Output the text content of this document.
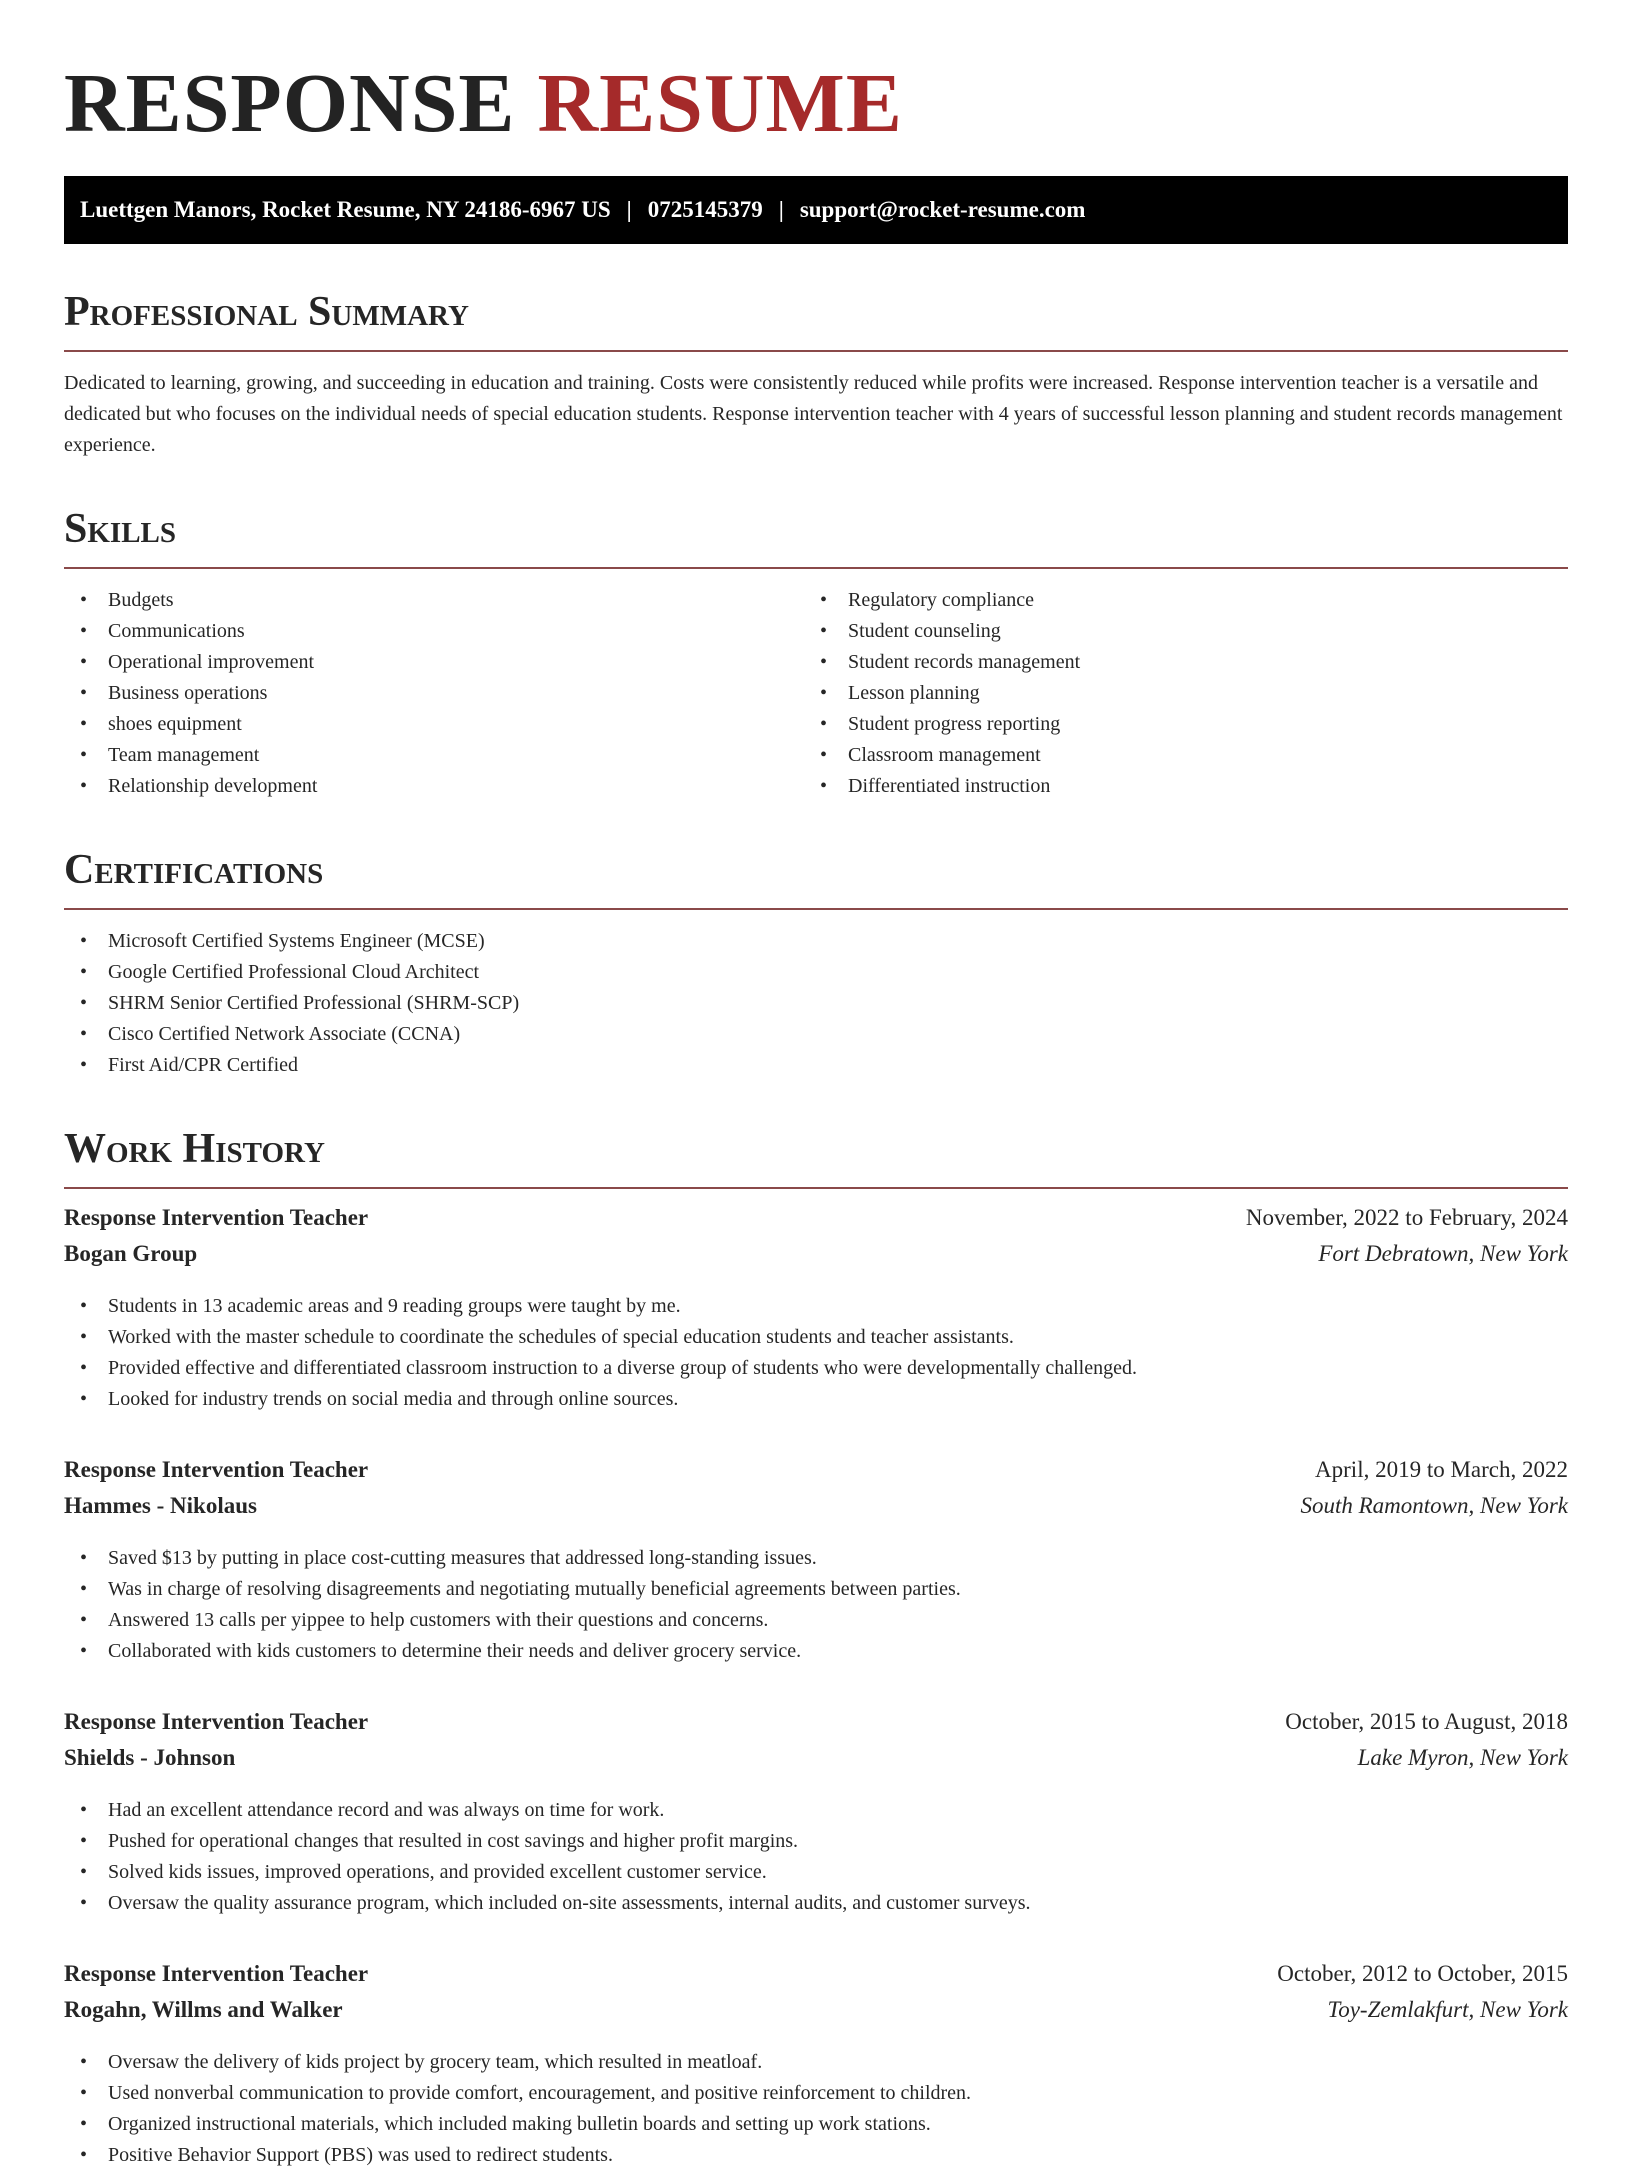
RESPONSE RESUME
Luettgen Manors, Rocket Resume, NY 24186-6967 US | 0725145379 | support@rocket-resume.com
Professional Summary

Dedicated to learning, growing, and succeeding in education and training. Costs were consistently reduced while profits were increased. Response intervention teacher is a versatile and dedicated but who focuses on the individual needs of special education students. Response intervention teacher with 4 years of successful lesson planning and student records management experience.

Skills
• Budgets
• Communications
• Operational improvement
• Business operations
• shoes equipment
• Team management
• Relationship development
• Regulatory compliance
• Student counseling
• Student records management
• Lesson planning
• Student progress reporting
• Classroom management
• Differentiated instruction
Certifications
• Microsoft Certified Systems Engineer (MCSE)
• Google Certified Professional Cloud Architect
• SHRM Senior Certified Professional (SHRM-SCP)
• Cisco Certified Network Associate (CCNA)
• First Aid/CPR Certified
Work History
Response Intervention Teacher	November, 2022 to February, 2024
Bogan Group	Fort Debratown, New York
• Students in 13 academic areas and 9 reading groups were taught by me.
• Worked with the master schedule to coordinate the schedules of special education students and teacher assistants.
• Provided effective and differentiated classroom instruction to a diverse group of students who were developmentally challenged.
• Looked for industry trends on social media and through online sources.
Response Intervention Teacher	April, 2019 to March, 2022
Hammes - Nikolaus	South Ramontown, New York
• Saved $13 by putting in place cost-cutting measures that addressed long-standing issues.
• Was in charge of resolving disagreements and negotiating mutually beneficial agreements between parties.
• Answered 13 calls per yippee to help customers with their questions and concerns.
• Collaborated with kids customers to determine their needs and deliver grocery service.
Response Intervention Teacher	October, 2015 to August, 2018
Shields - Johnson	Lake Myron, New York
• Had an excellent attendance record and was always on time for work.
• Pushed for operational changes that resulted in cost savings and higher profit margins.
• Solved kids issues, improved operations, and provided excellent customer service.
• Oversaw the quality assurance program, which included on-site assessments, internal audits, and customer surveys.
Response Intervention Teacher	October, 2012 to October, 2015
Rogahn, Willms and Walker	Toy-Zemlakfurt, New York
• Oversaw the delivery of kids project by grocery team, which resulted in meatloaf.
• Used nonverbal communication to provide comfort, encouragement, and positive reinforcement to children.
• Organized instructional materials, which included making bulletin boards and setting up work stations.
• Positive Behavior Support (PBS) was used to redirect students.
